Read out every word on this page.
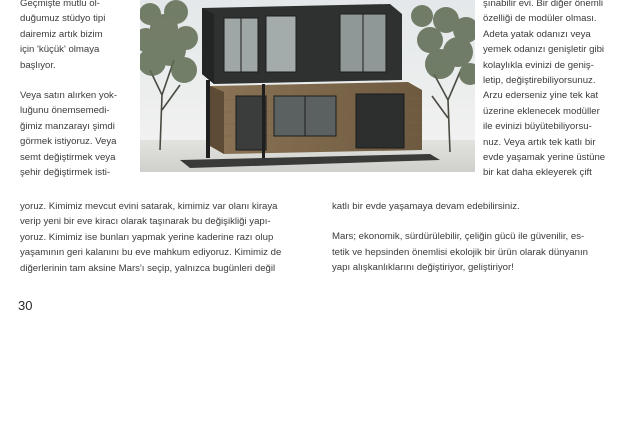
Geçmişte mutlu ol-

duğumuz stüdyo tipi

dairemiz artık bizim

için 'küçük' olmaya

başlıyor.

Veya satın alırken yok-

luğunu önemsemedi-

ğimiz manzarayı şimdi

görmek istiyoruz. Veya

semt değiştirmek veya

şehir değiştirmek isti-

şınabilir evi. Bir diğer önemli

özelliği de modüler olması.

Adeta yatak odanızı veya

yemek odanızı genişletir gibi

kolaylıkla evinizi de geniş-

letip, değiştirebiliyorsunuz.

Arzu ederseniz yine tek kat

üzerine eklenecek modüller

ile evinizi büyütebiliyorsu-

nuz. Veya artık tek katlı bir

evde yaşamak yerine üstüne

bir kat daha ekleyerek çift

yoruz. Kimimiz mevcut evini satarak, kimimiz var olanı kiraya

verip yeni bir eve kiracı olarak taşınarak bu değişikliği yapı-

yoruz. Kimimiz ise bunları yapmak yerine kaderine razı olup

yaşamının geri kalanını bu eve mahkum ediyoruz. Kimimiz de

diğerlerinin tam aksine Mars'ı seçip, yalnızca bugünleri değil

katlı bir evde yaşamaya devam edebilirsiniz.

Mars; ekonomik, sürdürülebilir, çeliğin gücü ile güvenilir, es-

tetik ve hepsinden önemlisi ekolojik bir ürün olarak dünyanın

yapı alışkanlıklarını değiştiriyor, geliştiriyor!

30
